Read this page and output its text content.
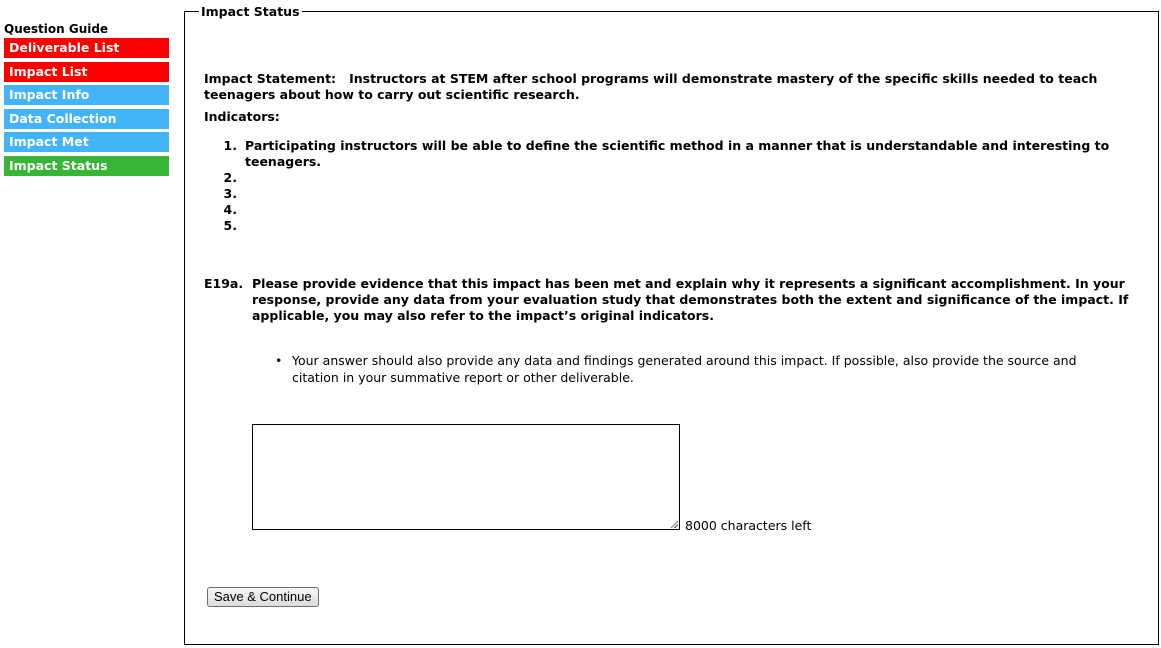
Question Guide
Deliverable List
Impact List
Impact Info
Data Collection
Impact Met
Impact Status
Impact Status
Impact Statement: Instructors at STEM after school programs will demonstrate mastery of the specific skills needed to teach teenagers about how to carry out scientific research.
Indicators:
1. Participating instructors will be able to define the scientific method in a manner that is understandable and interesting to teenagers.
2.
3.
4.
5.
E19a. Please provide evidence that this impact has been met and explain why it represents a significant accomplishment. In your response, provide any data from your evaluation study that demonstrates both the extent and significance of the impact. If applicable, you may also refer to the impact’s original indicators.
• Your answer should also provide any data and findings generated around this impact. If possible, also provide the source and citation in your summative report or other deliverable.
8000 characters left
Save & Continue
